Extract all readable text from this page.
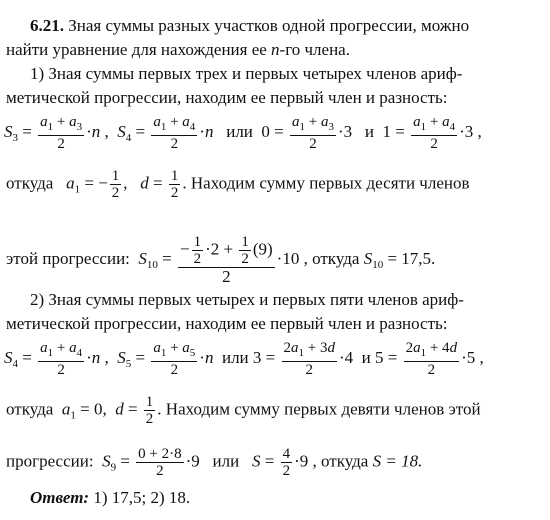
6.21. Зная суммы разных участков одной прогрессии, можно
найти уравнение для нахождения ее n-го члена.
1) Зная суммы первых трех и первых четырех членов ариф-
метической прогрессии, находим ее первый член и разность:
$S_3 = \frac{a_1 + a_3}{2} \cdot n$ ,  $S_4 = \frac{a_1 + a_4}{2} \cdot n$ или  $0 = \frac{a_1 + a_3}{2} \cdot 3$   и  $1 = \frac{a_1 + a_4}{2} \cdot 3$ ,
откуда $a_1$ = − $\frac{1}{2}$ ,   $d = \frac{1}{2}$ . Находим сумму первых десяти членов
этой прогрессии: $S_{10} = \frac{- \frac{1}{2} \cdot 2 + \frac{1}{2} (9)}{2} \cdot 10$ , откуда $S_{10} = 17,5$.
2) Зная суммы первых четырех и первых пяти членов ариф-
метической прогрессии, находим ее первый член и разность:
$S_4 = \frac{a_1 + a_4}{2} \cdot n$ ,  $S_5 = \frac{a_1 + a_5}{2} \cdot n$ или $3 = \frac{2a_1 + 3d}{2} \cdot 4$  и $5 = \frac{2a_1 + 4d}{2} \cdot 5$ ,
откуда $a_1 = 0$, $d = \frac{1}{2}$ . Находим сумму первых девяти членов этой
прогрессии: $S_9 = \frac{0 + 2\cdot 8}{2} \cdot 9$   или $S = \frac{4}{2} \cdot 9$ , откуда S = 18.
Ответ: 1) 17,5; 2) 18.
